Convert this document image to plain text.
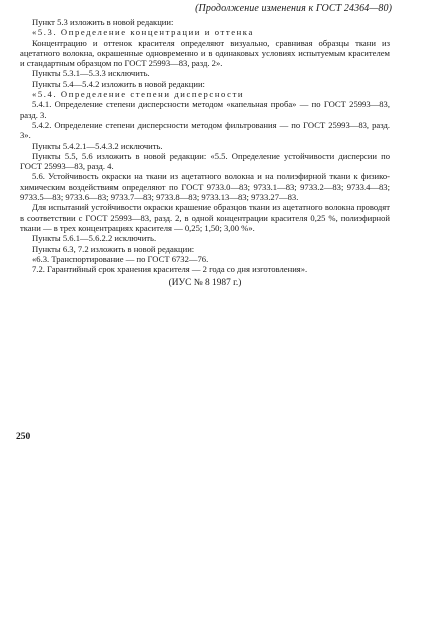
(Продолжение изменения к ГОСТ 24364—80)

Пункт 5.3 изложить в новой редакции:

«5.3. Определение концентрации и оттенка

Концентрацию и оттенок красителя определяют визуально, сравнивая образцы ткани из ацетатного волокна, окрашенные одновременно и в одинаковых условиях испытуемым красителем и стандартным образцом по ГОСТ 25993—83, разд. 2».

Пункты 5.3.1—5.3.3 исключить.

Пункты 5.4—5.4.2 изложить в новой редакции:

«5.4. Определение степени дисперсности

5.4.1. Определение степени дисперсности методом «капельная проба» — по ГОСТ 25993—83, разд. 3.

5.4.2. Определение степени дисперсности методом фильтрования — по ГОСТ 25993—83, разд. 3».

Пункты 5.4.2.1—5.4.3.2 исключить.

Пункты 5.5, 5.6 изложить в новой редакции: «5.5. Определение устойчивости дисперсии по ГОСТ 25993—83, разд. 4.

5.6. Устойчивость окраски на ткани из ацетатного волокна и на полиэфирной ткани к физико-химическим воздействиям определяют по ГОСТ 9733.0—83; 9733.1—83; 9733.2—83; 9733.4—83; 9733.5—83; 9733.6—83; 9733.7—83; 9733.8—83; 9733.13—83; 9733.27—83.

Для испытаний устойчивости окраски крашение образцов ткани из ацетатного волокна проводят в соответствии с ГОСТ 25993—83, разд. 2, в одной концентрации красителя 0,25 %, полиэфирной ткани — в трех концентрациях красителя — 0,25; 1,50; 3,00 %».

Пункты 5.6.1—5.6.2.2 исключить.

Пункты 6.3, 7.2 изложить в новой редакции:

«6.3. Транспортирование — по ГОСТ 6732—76.

7.2. Гарантийный срок хранения красителя — 2 года со дня изготовления».

(ИУС № 8 1987 г.)
250
